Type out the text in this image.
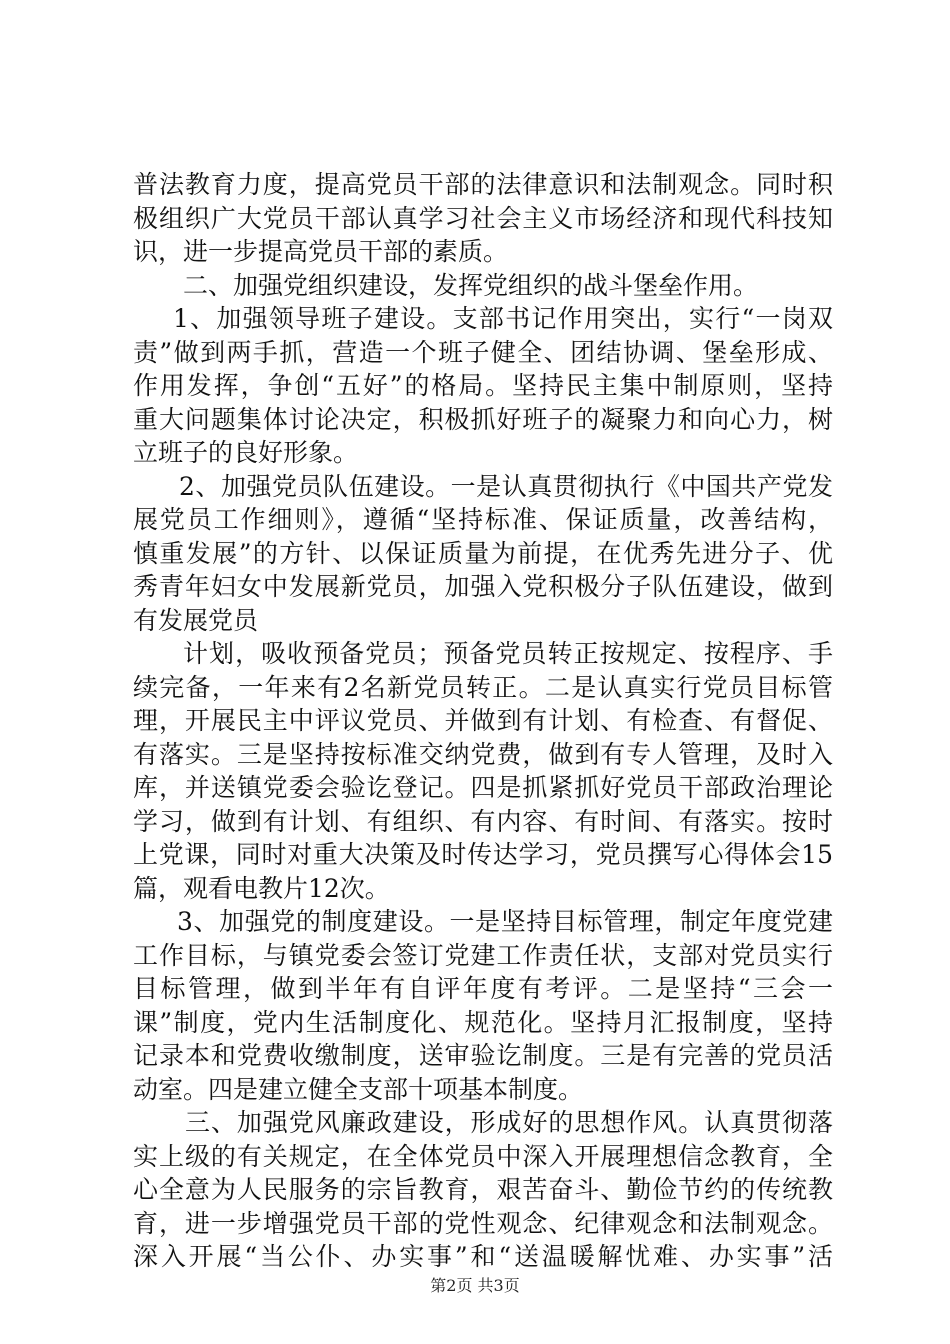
普法教育力度，提高党员干部的法律意识和法制观念。同时积
极组织广大党员干部认真学习社会主义市场经济和现代科技知
识，进一步提高党员干部的素质。
二、加强党组织建设，发挥党组织的战斗堡垒作用。
1、加强领导班子建设。支部书记作用突出，实行“一岗双
责”做到两手抓，营造一个班子健全、团结协调、堡垒形成、
作用发挥，争创“五好”的格局。坚持民主集中制原则，坚持
重大问题集体讨论决定，积极抓好班子的凝聚力和向心力，树
立班子的良好形象。
2、加强党员队伍建设。一是认真贯彻执行《中国共产党发
展党员工作细则》，遵循“坚持标准、保证质量，改善结构，
慎重发展”的方针、以保证质量为前提，在优秀先进分子、优
秀青年妇女中发展新党员，加强入党积极分子队伍建设，做到
有发展党员
计划，吸收预备党员；预备党员转正按规定、按程序、手
续完备，一年来有2名新党员转正。二是认真实行党员目标管
理，开展民主中评议党员、并做到有计划、有检查、有督促、
有落实。三是坚持按标准交纳党费，做到有专人管理，及时入
库，并送镇党委会验讫登记。四是抓紧抓好党员干部政治理论
学习，做到有计划、有组织、有内容、有时间、有落实。按时
上党课，同时对重大决策及时传达学习，党员撰写心得体会15
篇，观看电教片12次。
3、加强党的制度建设。一是坚持目标管理，制定年度党建
工作目标，与镇党委会签订党建工作责任状，支部对党员实行
目标管理，做到半年有自评年度有考评。二是坚持“三会一
课”制度，党内生活制度化、规范化。坚持月汇报制度，坚持
记录本和党费收缴制度，送审验讫制度。三是有完善的党员活
动室。四是建立健全支部十项基本制度。
三、加强党风廉政建设，形成好的思想作风。认真贯彻落
实上级的有关规定，在全体党员中深入开展理想信念教育，全
心全意为人民服务的宗旨教育，艰苦奋斗、勤俭节约的传统教
育，进一步增强党员干部的党性观念、纪律观念和法制观念。
深入开展“当公仆、办实事”和“送温暖解忧难、办实事”活
第2页 共3页
